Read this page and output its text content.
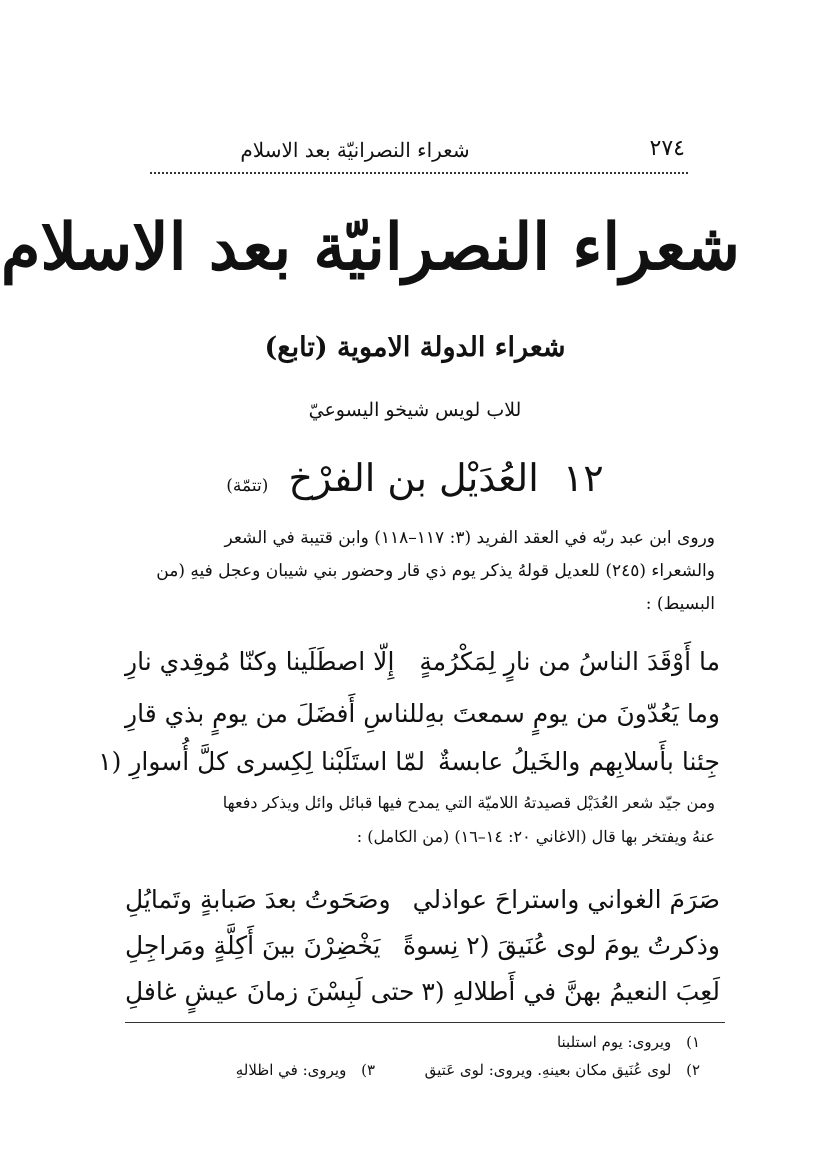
شعراء النصرانيّة بعد الاسلام	٢٧٤
شعراء النصرانيّة بعد الاسلام
شعراء الدولة الاموية (تابع)
للاب لويس شيخو اليسوعيّ
١٢ العُدَيْل بن الفرْخ (تتمّة)
وروى ابن عبد ربّه في العقد الفريد (٣: ١١٧–١١٨) وابن قتيبة في الشعر
والشعراء (٢٤٥) للعديل قولهُ يذكر يوم ذي قار وحضور بني شيبان وعجل فيهِ (من
البسيط) :
ما أَوْقَدَ الناسُ من نارٍ لِمَكْرُمةٍ
إِلّا اصطَلَينا وكنّا مُوقِدي نارِ
وما يَعُدّونَ من يومٍ سمعتَ بهِ
للناسِ أَفضَلَ من يومٍ بذي قارِ
جِئنا بأَسلابِهم والخَيلُ عابسةٌ
لمّا استَلَبْنا لِكِسرى كلَّ أُسوارِ (١
ومن جيّد شعر العُدَيْل قصيدتهُ اللاميّة التي يمدح فيها قبائل وائل ويذكر دفعها
عنهُ ويفتخر بها قال (الاغاني ٢٠: ١٤–١٦) (من الكامل) :
صَرَمَ الغواني واستراحَ عواذلي
وصَحَوتُ بعدَ صَبابةٍ وتَمايُلِ
وذكرتُ يومَ لوى عُنَيقَ (٢ نِسوةً
يَخْضِرْنَ بينَ أَكِلَّةٍ ومَراجِلِ
لَعِبَ النعيمُ بهنَّ في أَطلالهِ (٣
حتى لَبِسْنَ زمانَ عيشٍ غافلِ
١) ويروى: يوم استلبنا
٢) لوى عُنَيق مكان بعينهِ. ويروى: لوى عَتيق  ٣) ويروى: في اظلالهِ
